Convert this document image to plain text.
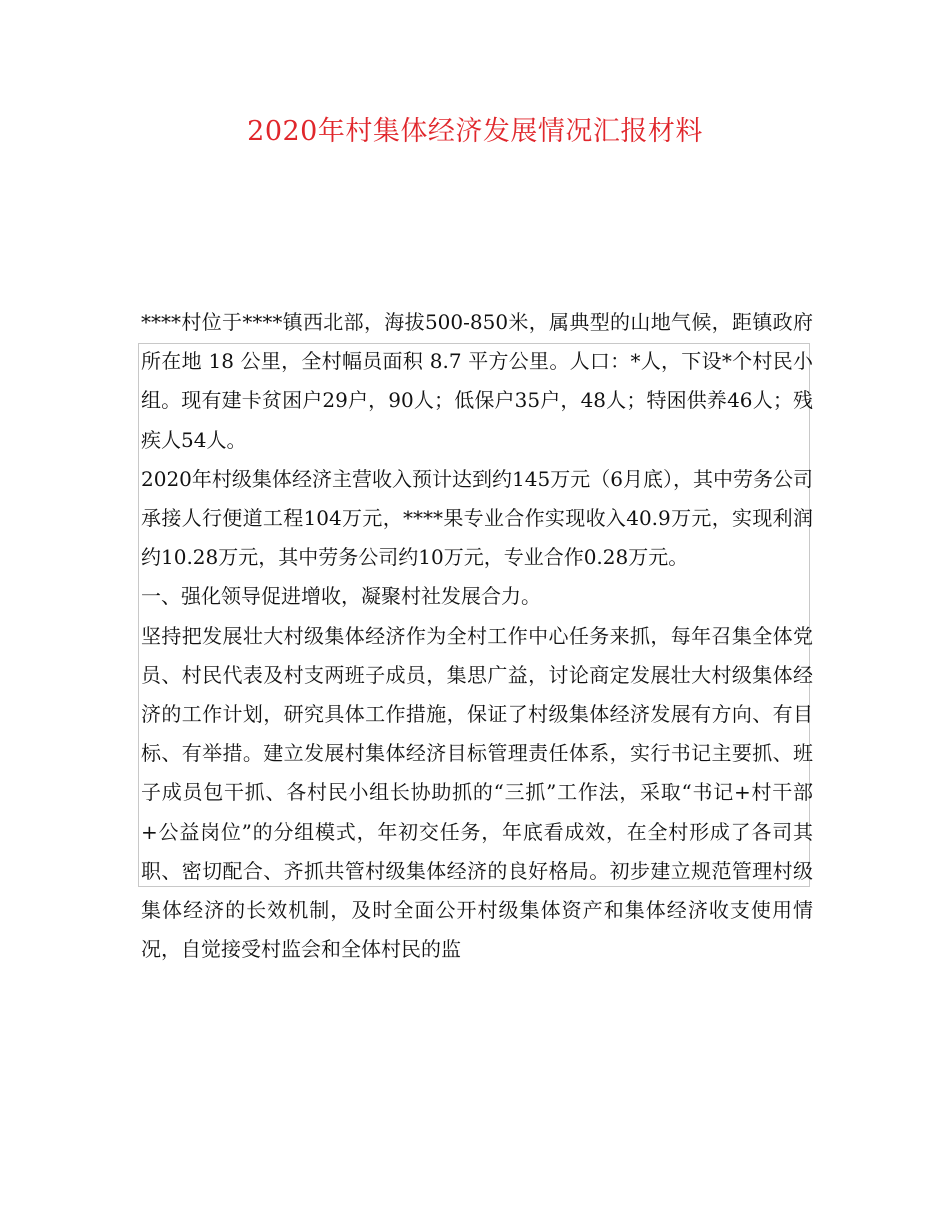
2020年村集体经济发展情况汇报材料

****村位于****镇西北部，海拔500-850米，属典型的山地气候，距镇政府所在地 18 公里，全村幅员面积 8.7 平方公里。人口：*人，下设*个村民小组。现有建卡贫困户29户，90人；低保户35户，48人；特困供养46人；残疾人54人。

2020年村级集体经济主营收入预计达到约145万元（6月底），其中劳务公司承接人行便道工程104万元，****果专业合作实现收入40.9万元，实现利润约10.28万元，其中劳务公司约10万元，专业合作0.28万元。

一、强化领导促进增收，凝聚村社发展合力。

坚持把发展壮大村级集体经济作为全村工作中心任务来抓，每年召集全体党员、村民代表及村支两班子成员，集思广益，讨论商定发展壮大村级集体经济的工作计划，研究具体工作措施，保证了村级集体经济发展有方向、有目标、有举措。建立发展村集体经济目标管理责任体系，实行书记主要抓、班子成员包干抓、各村民小组长协助抓的“三抓”工作法，采取“书记+村干部+公益岗位”的分组模式，年初交任务，年底看成效，在全村形成了各司其职、密切配合、齐抓共管村级集体经济的良好格局。初步建立规范管理村级集体经济的长效机制，及时全面公开村级集体资产和集体经济收支使用情况，自觉接受村监会和全体村民的监
